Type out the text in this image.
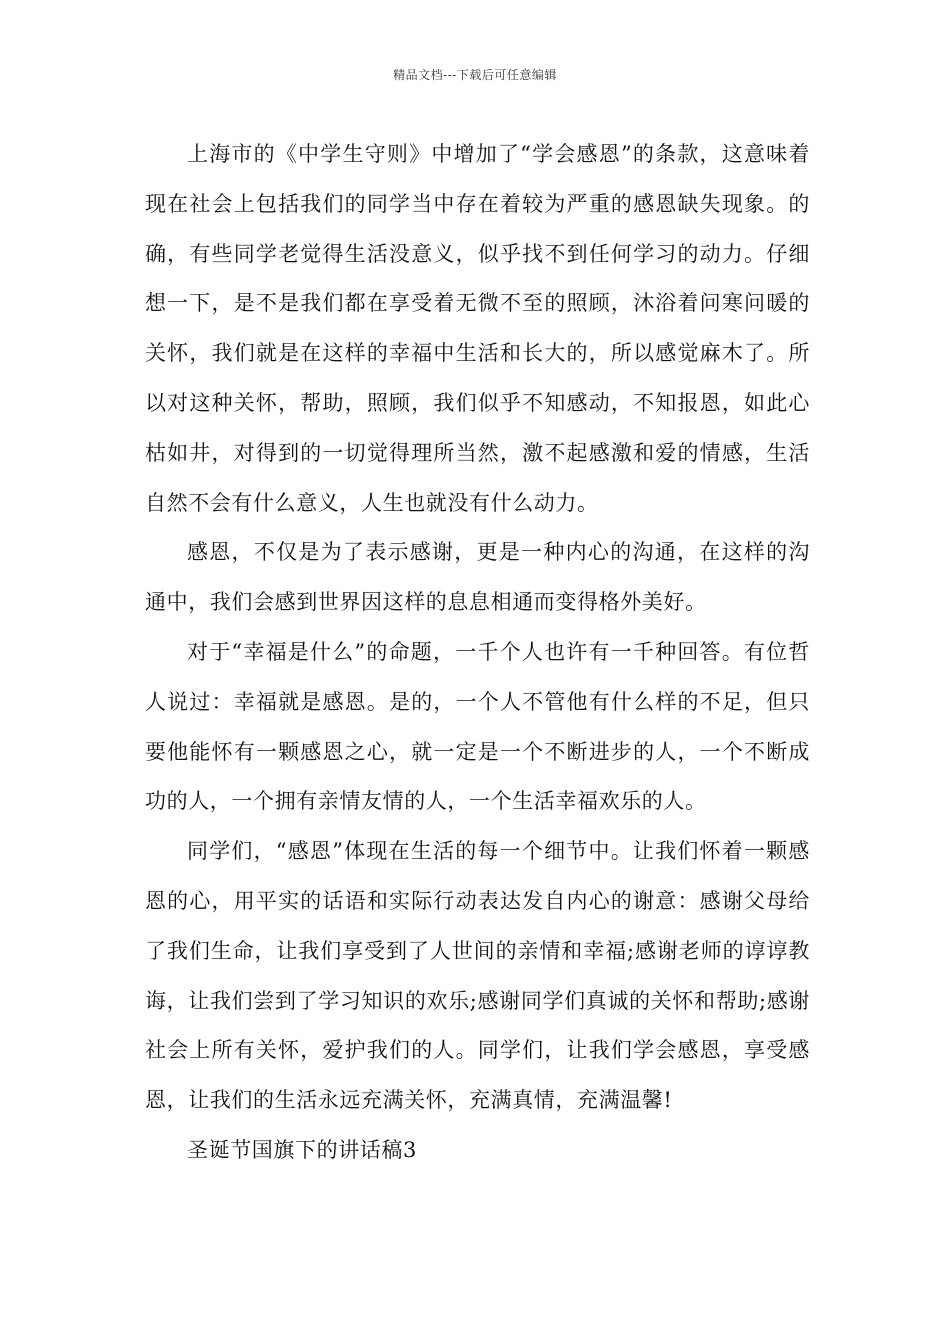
精品文档---下载后可任意编辑

上海市的《中学生守则》中增加了“学会感恩”的条款，这意味着现在社会上包括我们的同学当中存在着较为严重的感恩缺失现象。的确，有些同学老觉得生活没意义，似乎找不到任何学习的动力。仔细想一下，是不是我们都在享受着无微不至的照顾，沐浴着问寒问暖的关怀，我们就是在这样的幸福中生活和长大的，所以感觉麻木了。所以对这种关怀，帮助，照顾，我们似乎不知感动，不知报恩，如此心枯如井，对得到的一切觉得理所当然，激不起感激和爱的情感，生活自然不会有什么意义，人生也就没有什么动力。

感恩，不仅是为了表示感谢，更是一种内心的沟通，在这样的沟通中，我们会感到世界因这样的息息相通而变得格外美好。

对于“幸福是什么”的命题，一千个人也许有一千种回答。有位哲人说过：幸福就是感恩。是的，一个人不管他有什么样的不足，但只要他能怀有一颗感恩之心，就一定是一个不断进步的人，一个不断成功的人，一个拥有亲情友情的人，一个生活幸福欢乐的人。

同学们，“感恩”体现在生活的每一个细节中。让我们怀着一颗感恩的心，用平实的话语和实际行动表达发自内心的谢意：感谢父母给了我们生命，让我们享受到了人世间的亲情和幸福;感谢老师的谆谆教诲，让我们尝到了学习知识的欢乐;感谢同学们真诚的关怀和帮助;感谢社会上所有关怀，爱护我们的人。同学们，让我们学会感恩，享受感恩，让我们的生活永远充满关怀，充满真情，充满温馨!

圣诞节国旗下的讲话稿3
